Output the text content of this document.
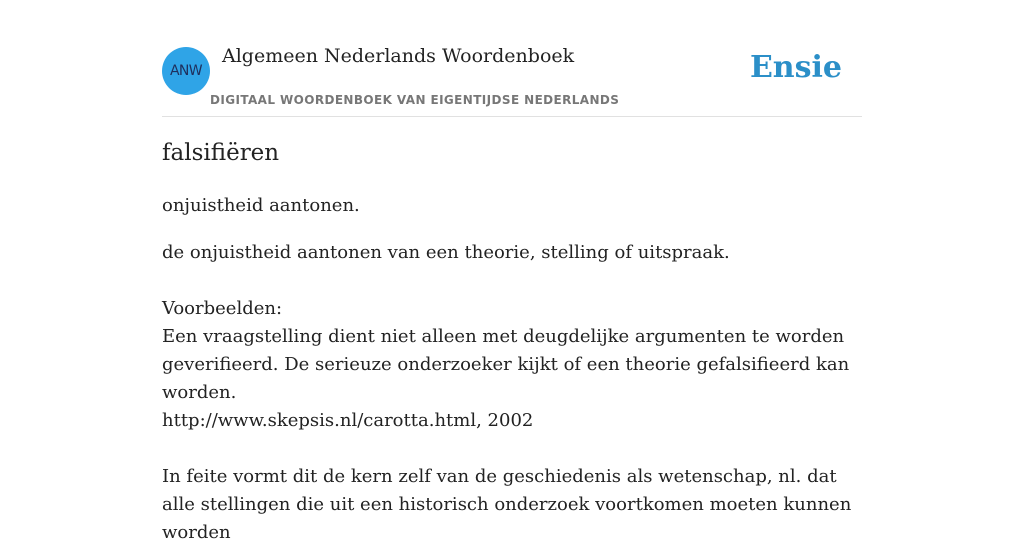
ANW
Algemeen Nederlands Woordenboek
DIGITAAL WOORDENBOEK VAN EIGENTIJDSE NEDERLANDS
Ensie
falsifiëren
onjuistheid aantonen.

de onjuistheid aantonen van een theorie, stelling of uitspraak.

Voorbeelden:

Een vraagstelling dient niet alleen met deugdelijke argumenten te worden geverifieerd. De serieuze onderzoeker kijkt of een theorie gefalsifieerd kan worden.

http://www.skepsis.nl/carotta.html, 2002

In feite vormt dit de kern zelf van de geschiedenis als wetenschap, nl. dat alle stellingen die uit een historisch onderzoek voortkomen moeten kunnen worden
